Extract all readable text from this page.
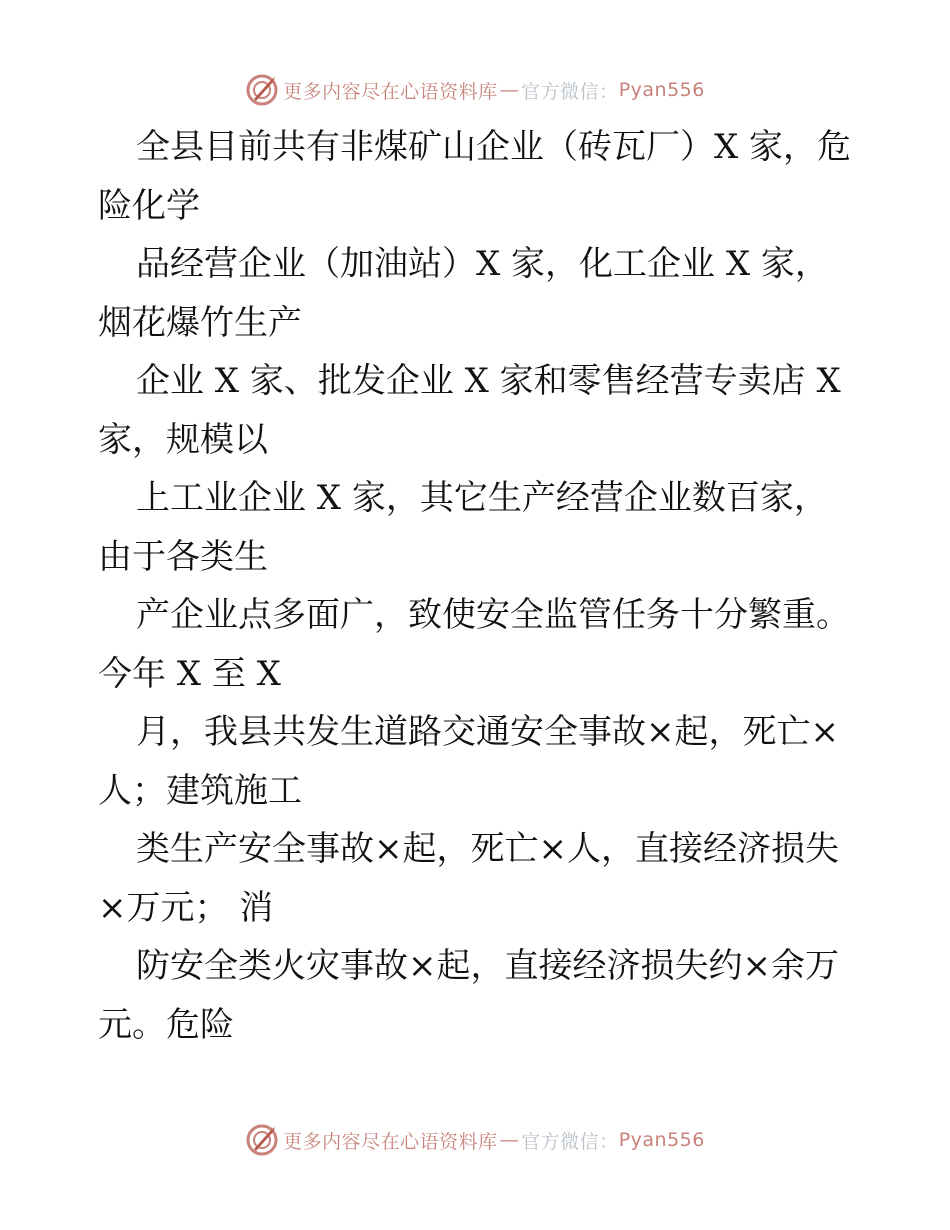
更多内容尽在心语资料库 — 官方微信： Pyan556
全县目前共有非煤矿山企业（砖瓦厂）X 家，危
险化学
品经营企业（加油站）X 家，化工企业 X 家，
烟花爆竹生产
企业 X 家、批发企业 X 家和零售经营专卖店 X
家，规模以
上工业企业 X 家，其它生产经营企业数百家，
由于各类生
产企业点多面广，致使安全监管任务十分繁重。
今年 X 至 X
月，我县共发生道路交通安全事故×起，死亡×
人；建筑施工
类生产安全事故×起，死亡×人，直接经济损失
×万元； 消
防安全类火灾事故×起，直接经济损失约×余万
元。危险
更多内容尽在心语资料库 — 官方微信： Pyan556
